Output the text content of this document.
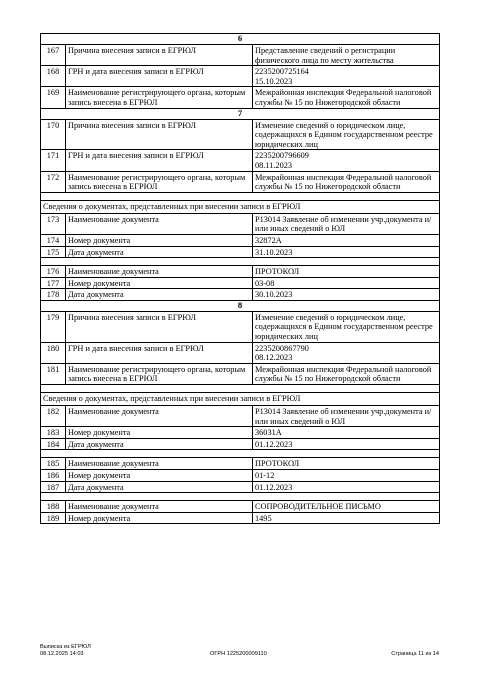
6		
167	Причина внесения записи в ЕГРЮЛ	Представление сведений о регистрации физического лица по месту жительства
168	ГРН и дата внесения записи в ЕГРЮЛ	2235200725164
15.10.2023
169	Наименование регистрирующего органа, которым запись внесена в ЕГРЮЛ	Межрайонная инспекция Федеральной налоговой службы № 15 по Нижегородской области
7		
170	Причина внесения записи в ЕГРЮЛ	Изменение сведений о юридическом лице, содержащихся в Едином государственном реестре юридических лиц
171	ГРН и дата внесения записи в ЕГРЮЛ	2235200796609
08.11.2023
172	Наименование регистрирующего органа, которым запись внесена в ЕГРЮЛ	Межрайонная инспекция Федеральной налоговой службы № 15 по Нижегородской области

Сведения о документах, представленных при внесении записи в ЕГРЮЛ		
173	Наименование документа	Р13014 Заявление об изменении учр.документа и/или иных сведений о ЮЛ
174	Номер документа	32872А
175	Дата документа	31.10.2023

176	Наименование документа	ПРОТОКОЛ
177	Номер документа	03-08
178	Дата документа	30.10.2023
8		
179	Причина внесения записи в ЕГРЮЛ	Изменение сведений о юридическом лице, содержащихся в Едином государственном реестре юридических лиц
180	ГРН и дата внесения записи в ЕГРЮЛ	2235200867790
08.12.2023
181	Наименование регистрирующего органа, которым запись внесена в ЕГРЮЛ	Межрайонная инспекция Федеральной налоговой службы № 15 по Нижегородской области

Сведения о документах, представленных при внесении записи в ЕГРЮЛ		
182	Наименование документа	Р13014 Заявление об изменении учр.документа и/или иных сведений о ЮЛ
183	Номер документа	36031А
184	Дата документа	01.12.2023

185	Наименование документа	ПРОТОКОЛ
186	Номер документа	01-12
187	Дата документа	01.12.2023

188	Наименование документа	СОПРОВОДИТЕЛЬНОЕ ПИСЬМО
189	Номер документа	1495
Выписка из ЕГРЮЛ
08.12.2025 14:03	ОГРН 1225200009110	Страница 11 из 14
